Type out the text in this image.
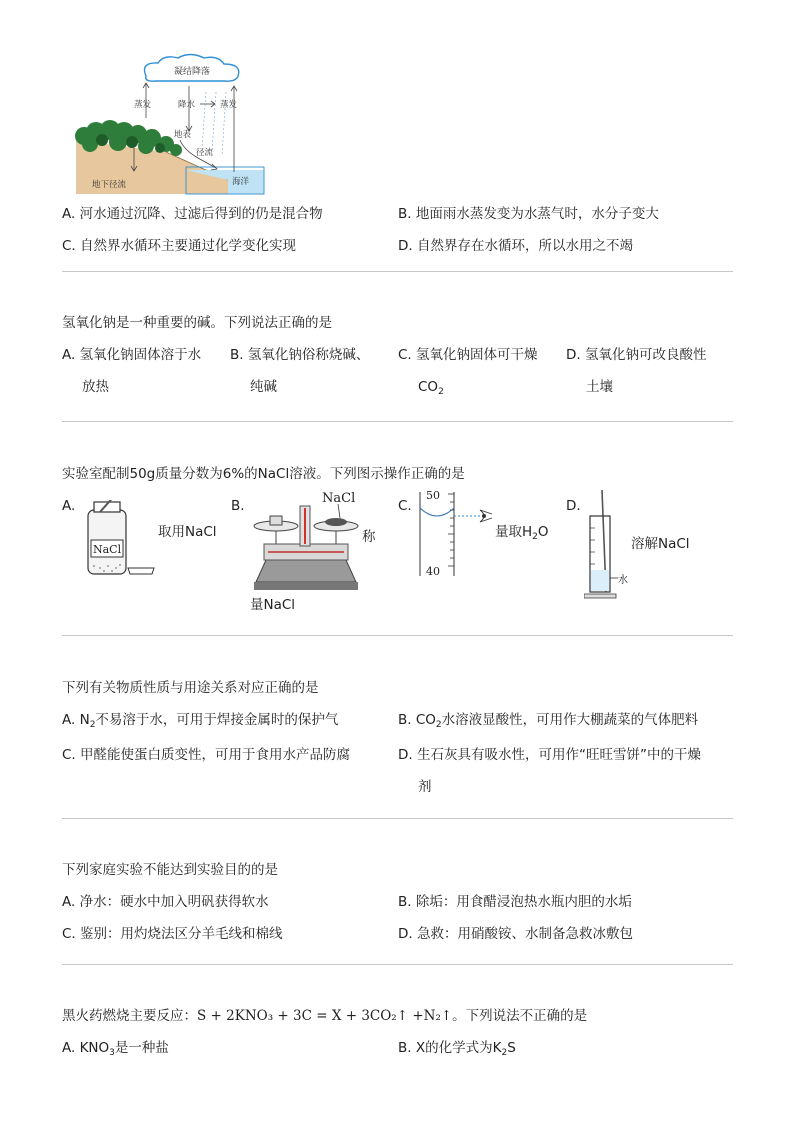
凝结降落
蒸发	降水	蒸发
地表
径流
地下径流	海洋
A. 河水通过沉降、过滤后得到的仍是混合物	B. 地面雨水蒸发变为水蒸气时，水分子变大
C. 自然界水循环主要通过化学变化实现	D. 自然界存在水循环，所以水用之不竭
氢氧化钠是一种重要的碱。下列说法正确的是
A. 氢氧化钠固体溶于水
放热
B. 氢氧化钠俗称烧碱、
纯碱
C. 氢氧化钠固体可干燥
$CO_2$
D. 氢氧化钠可改良酸性
土壤
实验室配制50g质量分数为6%的NaCl溶液。下列图示操作正确的是
A.
NaCl
取用NaCl
B.	NaCl
称
量NaCl
C.
50
40
量取$H_2O$
D.
水
溶解NaCl
下列有关物质性质与用途关系对应正确的是
A. $N_2$不易溶于水，可用于焊接金属时的保护气	B. $CO_2$水溶液显酸性，可用作大棚蔬菜的气体肥料
C. 甲醛能使蛋白质变性，可用于食用水产品防腐	D. 生石灰具有吸水性，可用作“旺旺雪饼”中的干燥
剂
下列家庭实验不能达到实验目的的是
A. 净水：硬水中加入明矾获得软水	B. 除垢：用食醋浸泡热水瓶内胆的水垢
C. 鉴别：用灼烧法区分羊毛线和棉线	D. 急救：用硝酸铵、水制备急救冰敷包
黑火药燃烧主要反应：S + 2KNO₃ + 3C = X + 3CO₂↑ +N₂↑。下列说法不正确的是
A. $KNO_3$是一种盐	B. X的化学式为$K_2S$
